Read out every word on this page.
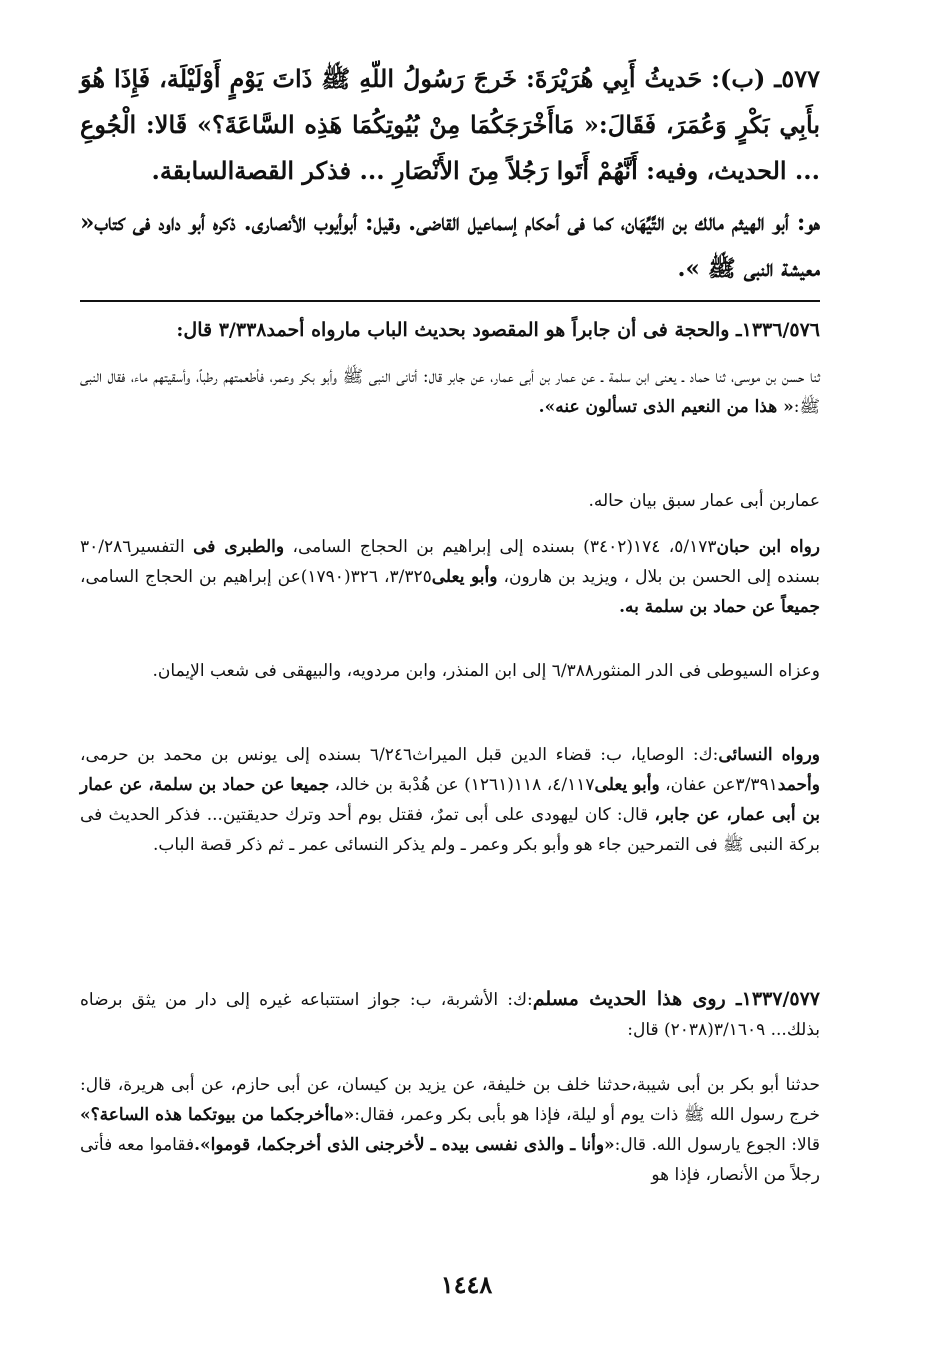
٥٧٧ـ (ب): حَديثُ أَبِي هُرَيْرَةَ: خَرجَ رَسُولُ اللّهِ ﷺ ذَاتَ يَوْمٍ أَوْلَيْلَة، فَإِذَا هُوَ بأَبِي بَكْرٍ وَعُمَرَ، فَقَالَ:« مَاأَخْرَجَكُمَا مِنْ بُيُوتِكُمَا هَذِه السَّاعَةَ؟» قَالا: الْجُوعِ ... الحديث، وفيه: أَنَّهُمْ أَتَوا رَجُلاً مِنَ الأَنْصَارِ ... فذكر القصةالسابقة.

هو: أبو الهيثم مالك بن التَّيِّهَان، كما فى أحكام إسماعيل القاضى. وقيل: أبوأيوب الأنصارى. ذكره أبو داود فى كتاب« معيشة النبى ﷺ ».

١٣٣٦/٥٧٦ـ والحجة فى أن جابراً هو المقصود بحديث الباب مارواه أحمد٣/٣٣٨ قال:

ثنا حسن بن موسى، ثنا حماد ـ يعنى ابن سلمة ـ عن عمار بن أبى عمار، عن جابر قال: أتانى النبى ﷺ وأبو بكر وعمر، فأطعمتهم رطباً، وأسقيتهم ماء، فقال النبى ﷺ:« هذا من النعيم الذى تسألون عنه».

عماربن أبى عمار سبق بيان حاله.

رواه ابن حبان٥/١٧٣، ١٧٤(٣٤٠٢) بسنده إلى إبراهيم بن الحجاج السامى، والطبرى فى التفسير٣٠/٢٨٦ بسنده إلى الحسن بن بلال ، ويزيد بن هارون، وأبو يعلى٣/٣٢٥، ٣٢٦(١٧٩٠)عن إبراهيم بن الحجاج السامى، جميعاً عن حماد بن سلمة به.

وعزاه السيوطى فى الدر المنثور٦/٣٨٨ إلى ابن المنذر، وابن مردويه، والبيهقى فى شعب الإيمان.

ورواه النسائى:ك: الوصايا، ب: قضاء الدين قبل الميراث٦/٢٤٦ بسنده إلى يونس بن محمد بن حرمى، وأحمد٣/٣٩١عن عفان، وأبو يعلى٤/١١٧، ١١٨(١٢٦١) عن هُدْبة بن خالد، جميعا عن حماد بن سلمة، عن عمار بن أبى عمار، عن جابر، قال: كان ليهودى على أبى تمرٌ، فقتل بوم أحد وترك حديقتين... فذكر الحديث فى بركة النبى ﷺ فى التمرحين جاء هو وأبو بكر وعمر ـ ولم يذكر النسائى عمر ـ ثم ذكر قصة الباب.

١٣٣٧/٥٧٧ـ روى هذا الحديث مسلم:ك: الأشربة، ب: جواز استتباعه غيره إلى دار من يثق برضاه بذلك... ٣/١٦٠٩(٢٠٣٨) قال:

حدثنا أبو بكر بن أبى شيبة،حدثنا خلف بن خليفة، عن يزيد بن كيسان، عن أبى حازم، عن أبى هريرة، قال: خرج رسول الله ﷺ ذات يوم أو ليلة، فإذا هو بأبى بكر وعمر، فقال:«ماأخرجكما من بيوتكما هذه الساعة؟» قالا: الجوع يارسول الله. قال:«وأنا ـ والذى نفسى بيده ـ لأخرجنى الذى أخرجكما، قوموا».فقاموا معه فأتى رجلاً من الأنصار، فإذا هو

١٤٤٨
